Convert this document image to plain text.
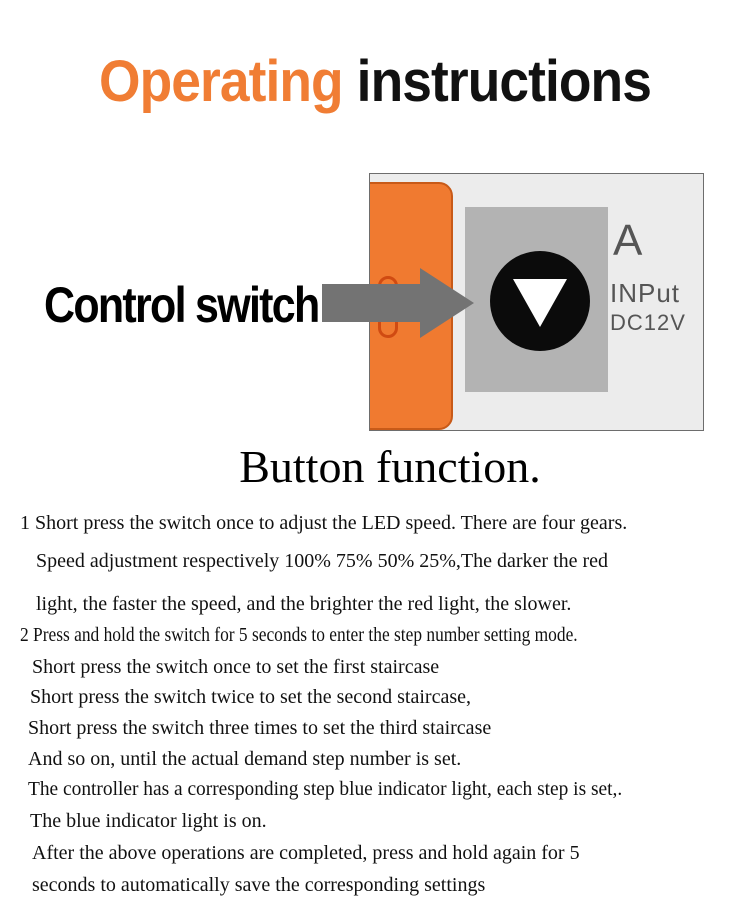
Operating instructions
A
INPut
DC12V
Control switch
Button function.
1 Short press the switch once to adjust the LED speed. There are four gears.
Speed adjustment respectively 100% 75% 50% 25%,The darker the red
light, the faster the speed, and the brighter the red light, the slower.
2 Press and hold the switch for 5 seconds to enter the step number setting mode.
Short press the switch once to set the first staircase
Short press the switch twice to set the second staircase,
Short press the switch three times to set the third staircase
And so on, until the actual demand step number is set.
The controller has a corresponding step blue indicator light, each step is set,.
The blue indicator light is on.
After the above operations are completed, press and hold again for 5
seconds to automatically save the corresponding settings
